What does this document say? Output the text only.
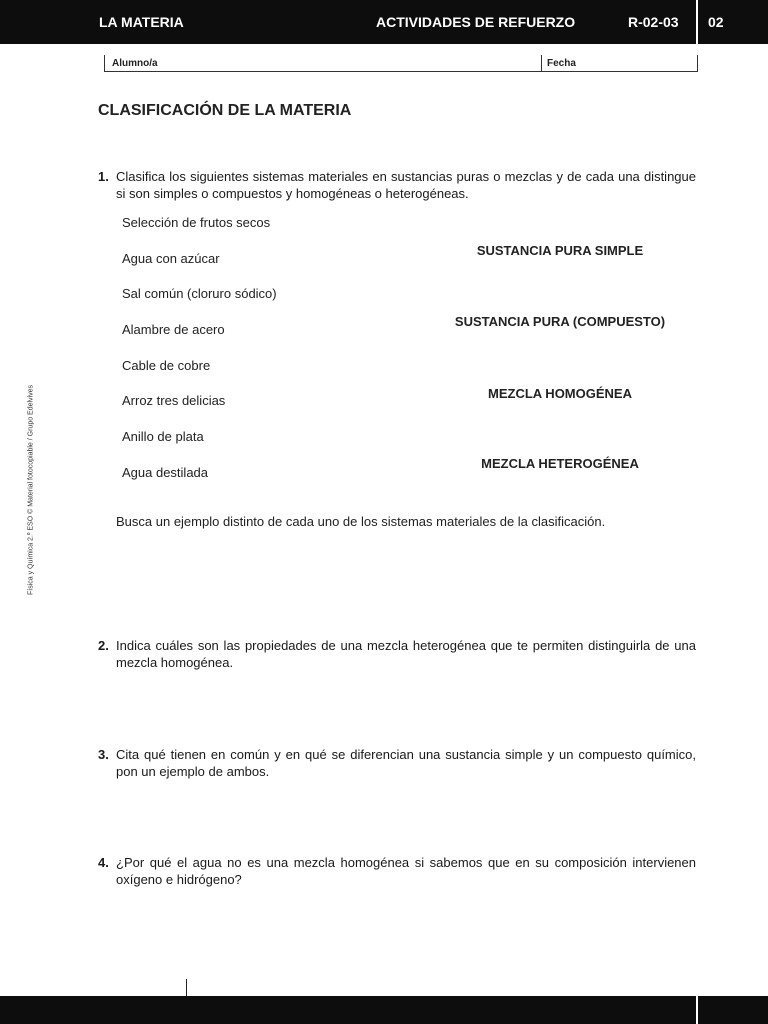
LA MATERIA	ACTIVIDADES DE REFUERZO	R-02-03 02
Alumno/a	Fecha
Física y Química 2.º ESO © Material fotocopiable / Grupo Edelvives
CLASIFICACIÓN DE LA MATERIA
1. Clasifica los siguientes sistemas materiales en sustancias puras o mezclas y de cada una distingue si son simples o compuestos y homogéneas o heterogéneas.
Selección de frutos secos
Agua con azúcar
Sal común (cloruro sódico)
Alambre de acero
Cable de cobre
Arroz tres delicias
Anillo de plata
Agua destilada
SUSTANCIA PURA SIMPLE
SUSTANCIA PURA (COMPUESTO)
MEZCLA HOMOGÉNEA
MEZCLA HETEROGÉNEA
Busca un ejemplo distinto de cada uno de los sistemas materiales de la clasificación.
2. Indica cuáles son las propiedades de una mezcla heterogénea que te permiten distinguirla de una mezcla homogénea.
3. Cita qué tienen en común y en qué se diferencian una sustancia simple y un compuesto químico, pon un ejemplo de ambos.
4. ¿Por qué el agua no es una mezcla homogénea si sabemos que en su composición intervienen oxígeno e hidrógeno?
